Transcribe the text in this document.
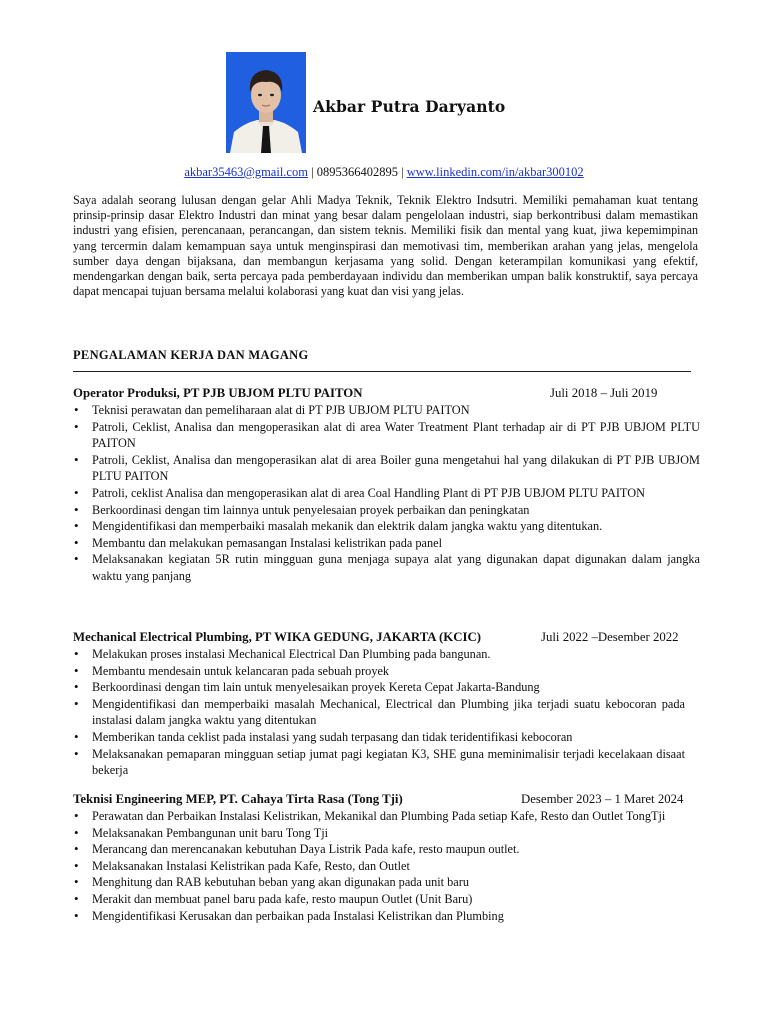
Akbar Putra Daryanto
akbar35463@gmail.com | 0895366402895 | www.linkedin.com/in/akbar300102
Saya adalah seorang lulusan dengan gelar Ahli Madya Teknik, Teknik Elektro Indsutri. Memiliki pemahaman kuat tentang prinsip-prinsip dasar Elektro Industri dan minat yang besar dalam pengelolaan industri, siap berkontribusi dalam memastikan industri yang efisien, perencanaan, perancangan, dan sistem teknis. Memiliki fisik dan mental yang kuat, jiwa kepemimpinan yang tercermin dalam kemampuan saya untuk menginspirasi dan memotivasi tim, memberikan arahan yang jelas, mengelola sumber daya dengan bijaksana, dan membangun kerjasama yang solid. Dengan keterampilan komunikasi yang efektif, mendengarkan dengan baik, serta percaya pada pemberdayaan individu dan memberikan umpan balik konstruktif, saya percaya dapat mencapai tujuan bersama melalui kolaborasi yang kuat dan visi yang jelas.
PENGALAMAN KERJA DAN MAGANG
Operator Produksi, PT PJB UBJOM PLTU PAITON	Juli 2018 – Juli 2019
• Teknisi perawatan dan pemeliharaan alat di PT PJB UBJOM PLTU PAITON
• Patroli, Ceklist, Analisa dan mengoperasikan alat di area Water Treatment Plant terhadap air di PT PJB UBJOM PLTU PAITON
• Patroli, Ceklist, Analisa dan mengoperasikan alat di area Boiler guna mengetahui hal yang dilakukan di PT PJB UBJOM PLTU PAITON
• Patroli, ceklist Analisa dan mengoperasikan alat di area Coal Handling Plant di PT PJB UBJOM PLTU PAITON
• Berkoordinasi dengan tim lainnya untuk penyelesaian proyek perbaikan dan peningkatan
• Mengidentifikasi dan memperbaiki masalah mekanik dan elektrik dalam jangka waktu yang ditentukan.
• Membantu dan melakukan pemasangan Instalasi kelistrikan pada panel
• Melaksanakan kegiatan 5R rutin mingguan guna menjaga supaya alat yang digunakan dapat digunakan dalam jangka waktu yang panjang
Mechanical Electrical Plumbing, PT WIKA GEDUNG, JAKARTA (KCIC)	Juli 2022 –Desember 2022
• Melakukan proses instalasi Mechanical Electrical Dan Plumbing pada bangunan.
• Membantu mendesain untuk kelancaran pada sebuah proyek
• Berkoordinasi dengan tim lain untuk menyelesaikan proyek Kereta Cepat Jakarta-Bandung
• Mengidentifikasi dan memperbaiki masalah Mechanical, Electrical dan Plumbing jika terjadi suatu kebocoran pada instalasi dalam jangka waktu yang ditentukan
• Memberikan tanda ceklist pada instalasi yang sudah terpasang dan tidak teridentifikasi kebocoran
• Melaksanakan pemaparan mingguan setiap jumat pagi kegiatan K3, SHE guna meminimalisir terjadi kecelakaan disaat bekerja
Teknisi Engineering MEP, PT. Cahaya Tirta Rasa (Tong Tji)	Desember 2023 – 1 Maret 2024
• Perawatan dan Perbaikan Instalasi Kelistrikan, Mekanikal dan Plumbing Pada setiap Kafe, Resto dan Outlet TongTji
• Melaksanakan Pembangunan unit baru Tong Tji
• Merancang dan merencanakan kebutuhan Daya Listrik Pada kafe, resto maupun outlet.
• Melaksanakan Instalasi Kelistrikan pada Kafe, Resto, dan Outlet
• Menghitung dan RAB kebutuhan beban yang akan digunakan pada unit baru
• Merakit dan membuat panel baru pada kafe, resto maupun Outlet (Unit Baru)
• Mengidentifikasi Kerusakan dan perbaikan pada Instalasi Kelistrikan dan Plumbing
